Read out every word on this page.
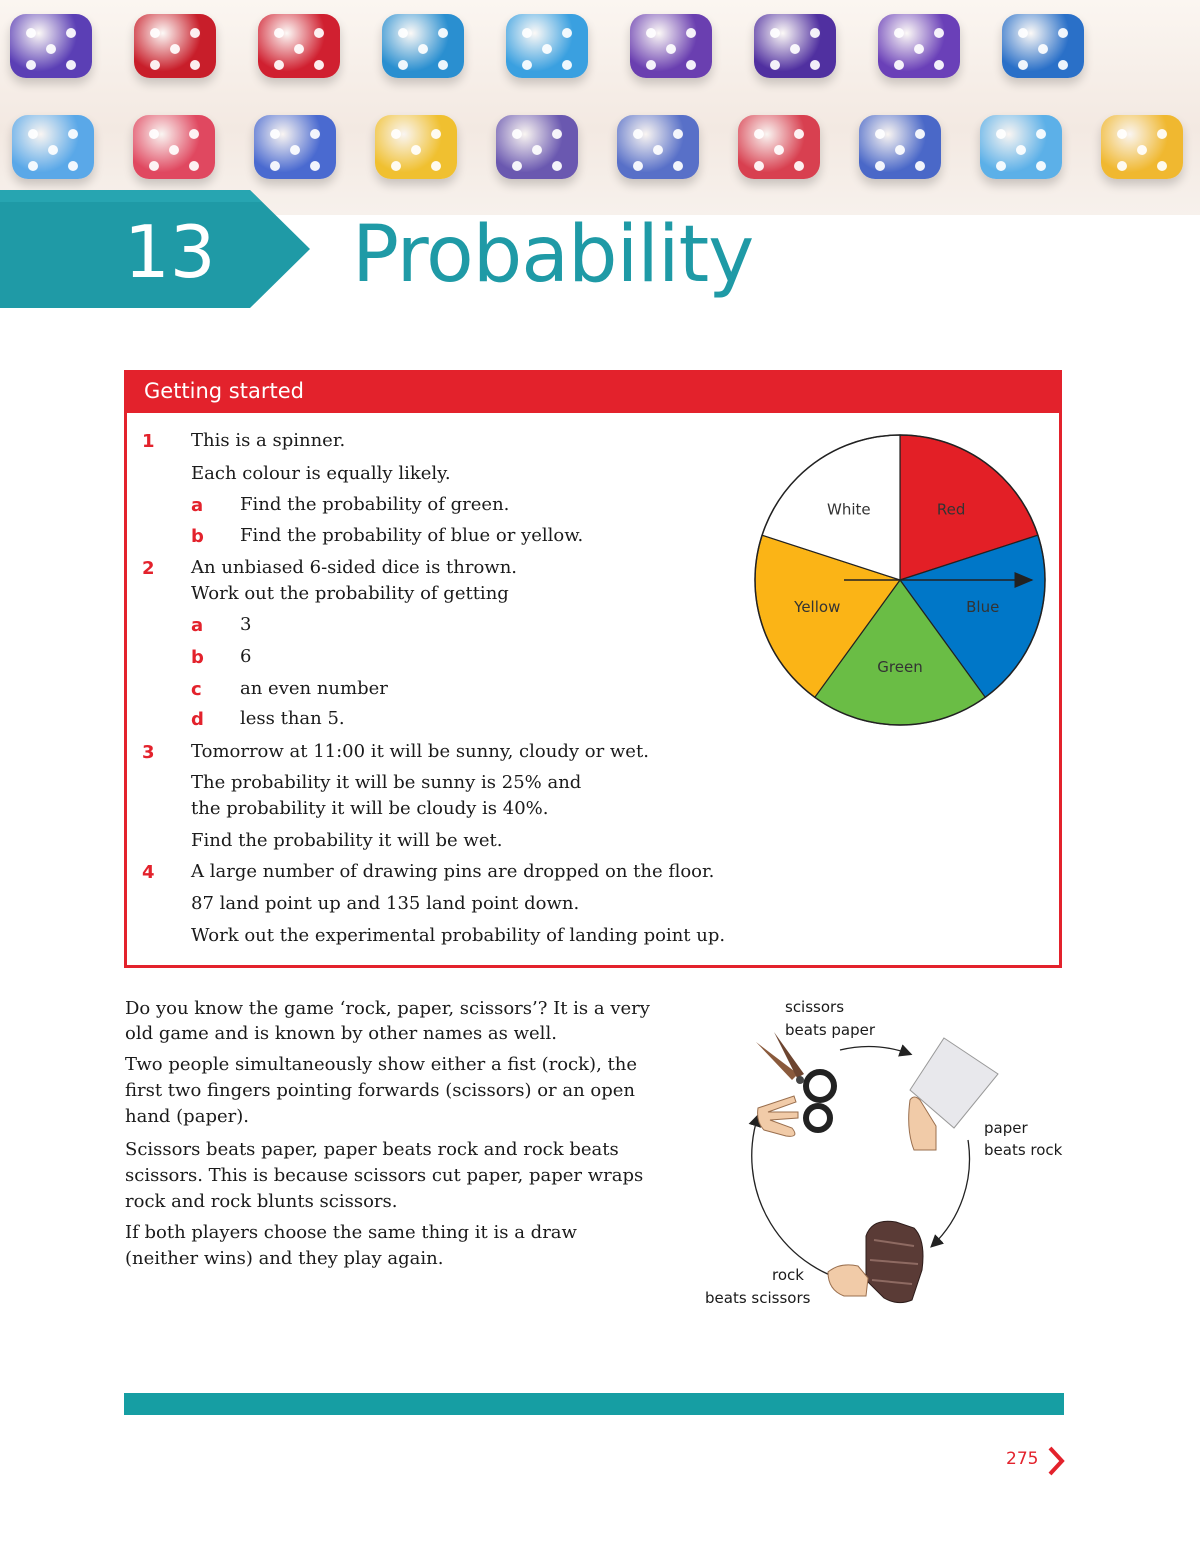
13 Probability
Getting started
1 This is a spinner.
Each colour is equally likely.
a Find the probability of green.
b Find the probability of blue or yellow.
2 An unbiased 6-sided dice is thrown.
Work out the probability of getting
a 3
b 6
c an even number
d less than 5.
3 Tomorrow at 11:00 it will be sunny, cloudy or wet.
The probability it will be sunny is 25% and
the probability it will be cloudy is 40%.
Find the probability it will be wet.
4 A large number of drawing pins are dropped on the floor.
87 land point up and 135 land point down.
Work out the experimental probability of landing point up.
Red
Blue
Green
Yellow
White
Do you know the game ‘rock, paper, scissors’? It is a very
old game and is known by other names as well.
Two people simultaneously show either a fist (rock), the
first two fingers pointing forwards (scissors) or an open
hand (paper).
Scissors beats paper, paper beats rock and rock beats
scissors. This is because scissors cut paper, paper wraps
rock and rock blunts scissors.
If both players choose the same thing it is a draw
(neither wins) and they play again.
scissors
beats paper
paper
beats rock
rock
beats scissors
275
